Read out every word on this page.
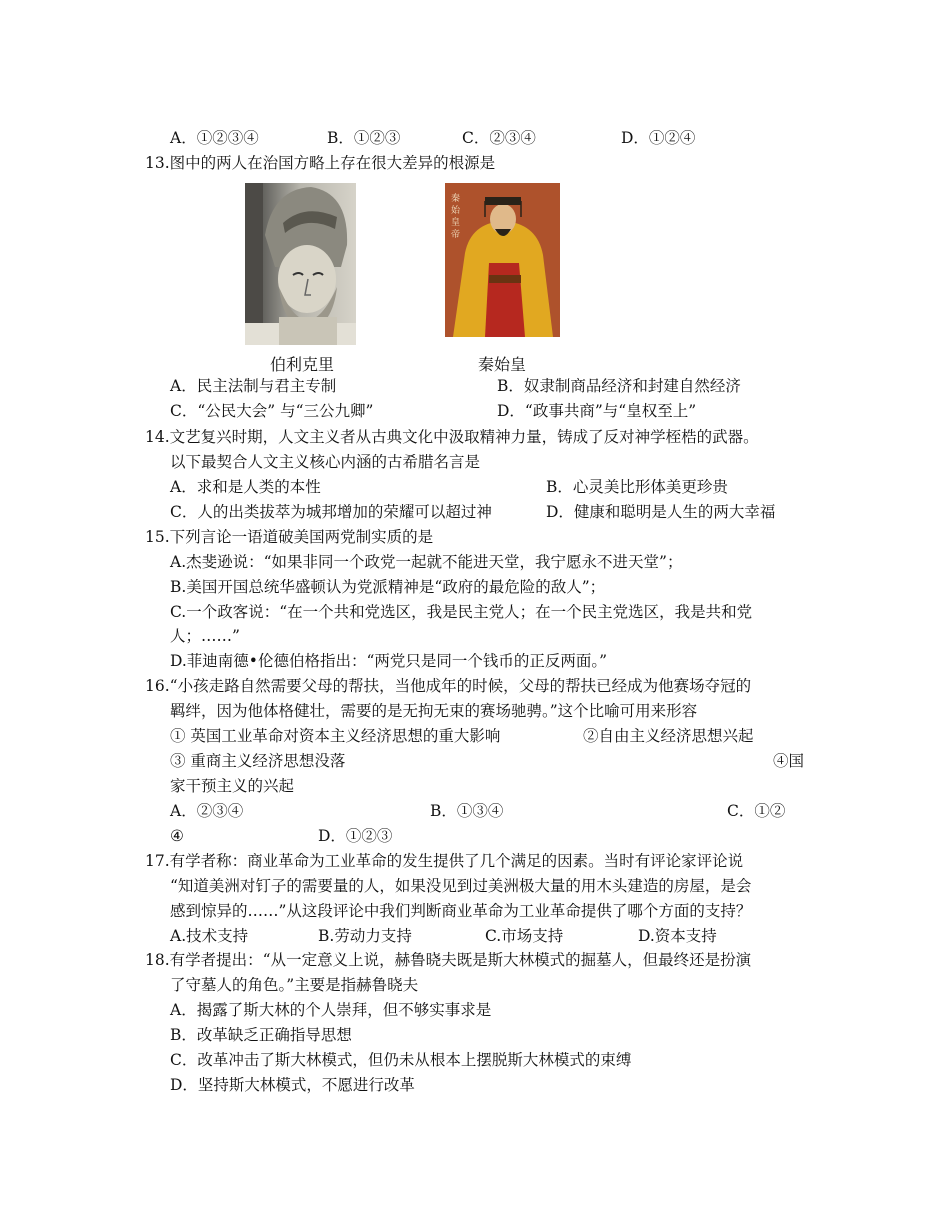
A．①②③④	B．①②③	C．②③④	D．①②④
13.图中的两人在治国方略上存在很大差异的根源是
秦
始
皇
帝
伯利克里	秦始皇
A．民主法制与君主专制	B．奴隶制商品经济和封建自然经济
C．“公民大会” 与“三公九卿”	D．“政事共商”与“皇权至上”
14.文艺复兴时期，人文主义者从古典文化中汲取精神力量，铸成了反对神学桎梏的武器。
以下最契合人文主义核心内涵的古希腊名言是
A．求和是人类的本性	B．心灵美比形体美更珍贵
C．人的出类拔萃为城邦增加的荣耀可以超过神	D．健康和聪明是人生的两大幸福
15.下列言论一语道破美国两党制实质的是
A.杰斐逊说：“如果非同一个政党一起就不能进天堂，我宁愿永不进天堂”；
B.美国开国总统华盛顿认为党派精神是“政府的最危险的敌人”；
C.一个政客说：“在一个共和党选区，我是民主党人；在一个民主党选区，我是共和党
人；……”
D.菲迪南德•伦德伯格指出：“两党只是同一个钱币的正反两面。”
16.“小孩走路自然需要父母的帮扶，当他成年的时候，父母的帮扶已经成为他赛场夺冠的
羁绊，因为他体格健壮，需要的是无拘无束的赛场驰骋。”这个比喻可用来形容
① 英国工业革命对资本主义经济思想的重大影响	②自由主义经济思想兴起
③ 重商主义经济思想没落	④国
家干预主义的兴起
A．②③④	B．①③④	C．①②
④	D．①②③
17.有学者称：商业革命为工业革命的发生提供了几个满足的因素。当时有评论家评论说
“知道美洲对钉子的需要量的人，如果没见到过美洲极大量的用木头建造的房屋，是会
感到惊异的……”从这段评论中我们判断商业革命为工业革命提供了哪个方面的支持？
A.技术支持	B.劳动力支持	C.市场支持	D.资本支持
18.有学者提出：“从一定意义上说，赫鲁晓夫既是斯大林模式的掘墓人，但最终还是扮演
了守墓人的角色。”主要是指赫鲁晓夫
A．揭露了斯大林的个人崇拜，但不够实事求是
B．改革缺乏正确指导思想
C．改革冲击了斯大林模式，但仍未从根本上摆脱斯大林模式的束缚
D．坚持斯大林模式，不愿进行改革
